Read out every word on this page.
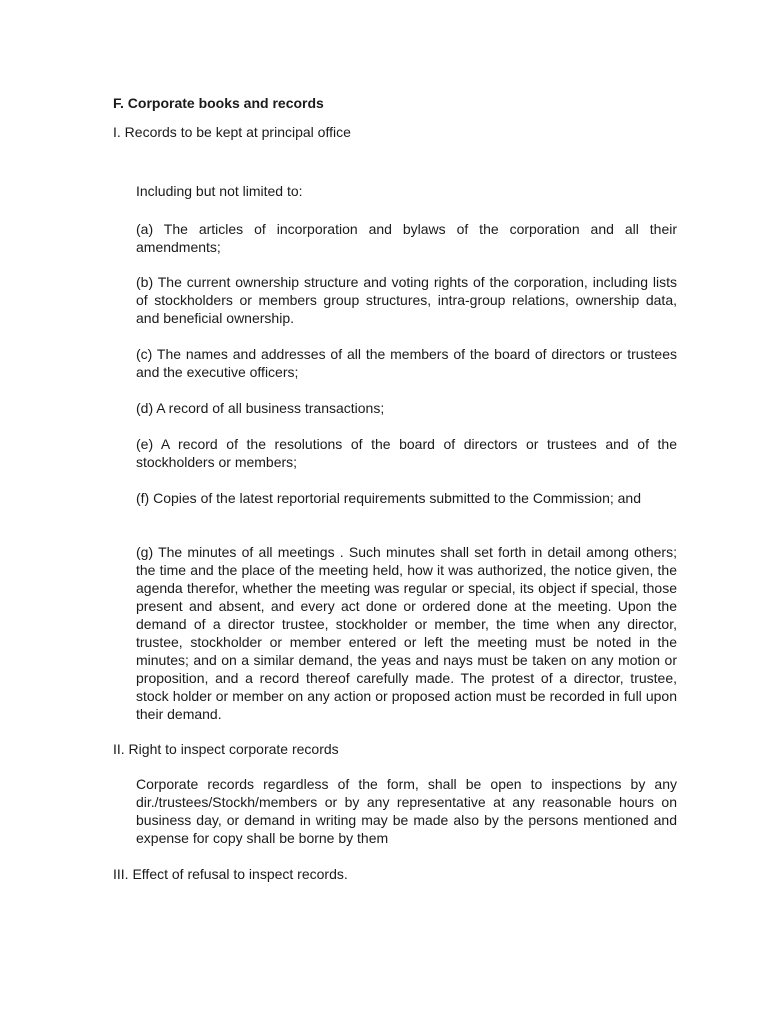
F. Corporate books and records
I. Records to be kept at principal office
Including but not limited to:
(a) The articles of incorporation and bylaws of the corporation and all their amendments;
(b) The current ownership structure and voting rights of the corporation, including lists of stockholders or members group structures, intra-group relations, ownership data, and beneficial ownership.
(c) The names and addresses of all the members of the board of directors or trustees and the executive officers;
(d) A record of all business transactions;
(e) A record of the resolutions of the board of directors or trustees and of the stockholders or members;
(f) Copies of the latest reportorial requirements submitted to the Commission; and
(g) The minutes of all meetings . Such minutes shall set forth in detail among others; the time and the place of the meeting held, how it was authorized, the notice given, the agenda therefor, whether the meeting was regular or special, its object if special, those present and absent, and every act done or ordered done at the meeting. Upon the demand of a director trustee, stockholder or member, the time when any director, trustee, stockholder or member entered or left the meeting must be noted in the minutes; and on a similar demand, the yeas and nays must be taken on any motion or proposition, and a record thereof carefully made. The protest of a director, trustee, stock holder or member on any action or proposed action must be recorded in full upon their demand.
II. Right to inspect corporate records
Corporate records regardless of the form, shall be open to inspections by any dir./trustees/Stockh/members or by any representative at any reasonable hours on business day, or demand in writing may be made also by the persons mentioned and expense for copy shall be borne by them
III. Effect of refusal to inspect records.
